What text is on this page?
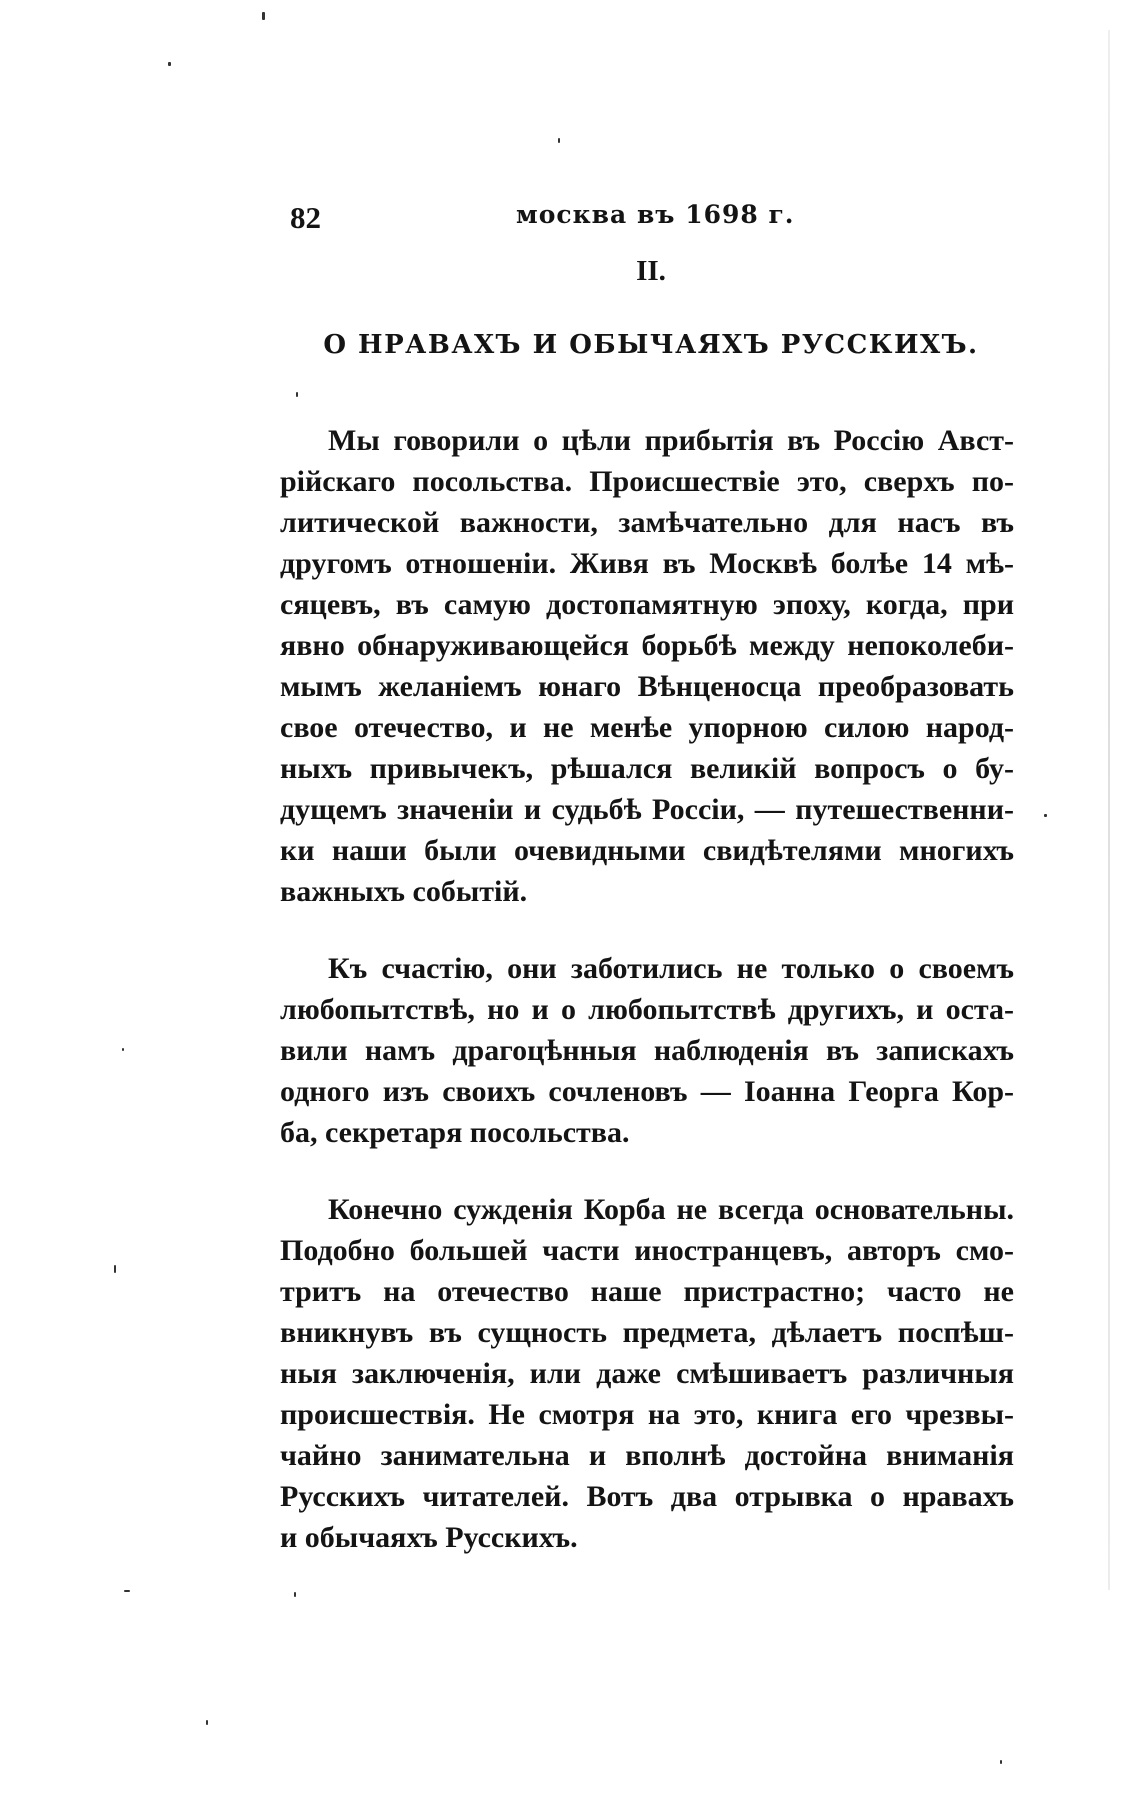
82	москва въ 1698 г.
II.
О НРАВАХЪ И ОБЫЧАЯХЪ РУССКИХЪ.
Мы говорили о цѣли прибытія въ Россію Авст-
рійскаго посольства. Происшествіе это, сверхъ по-
литической важности, замѣчательно для насъ въ
другомъ отношеніи. Живя въ Москвѣ болѣе 14 мѣ-
сяцевъ, въ самую достопамятную эпоху, когда, при
явно обнаруживающейся борьбѣ между непоколеби-
мымъ желаніемъ юнаго Вѣнценосца преобразовать
свое отечество, и не менѣе упорною силою народ-
ныхъ привычекъ, рѣшался великій вопросъ о бу-
дущемъ значеніи и судьбѣ Россіи, — путешественни-
ки наши были очевидными свидѣтелями многихъ
важныхъ событій.
Къ счастію, они заботились не только о своемъ
любопытствѣ, но и о любопытствѣ другихъ, и оста-
вили намъ драгоцѣнныя наблюденія въ запискахъ
одного изъ своихъ сочленовъ — Іоанна Георга Кор-
ба, секретаря посольства.
Конечно сужденія Корба не всегда основательны.
Подобно большей части иностранцевъ, авторъ смо-
тритъ на отечество наше пристрастно; часто не
вникнувъ въ сущность предмета, дѣлаетъ поспѣш-
ныя заключенія, или даже смѣшиваетъ различныя
происшествія. Не смотря на это, книга его чрезвы-
чайно занимательна и вполнѣ достойна вниманія
Русскихъ читателей. Вотъ два отрывка о нравахъ
и обычаяхъ Русскихъ.
